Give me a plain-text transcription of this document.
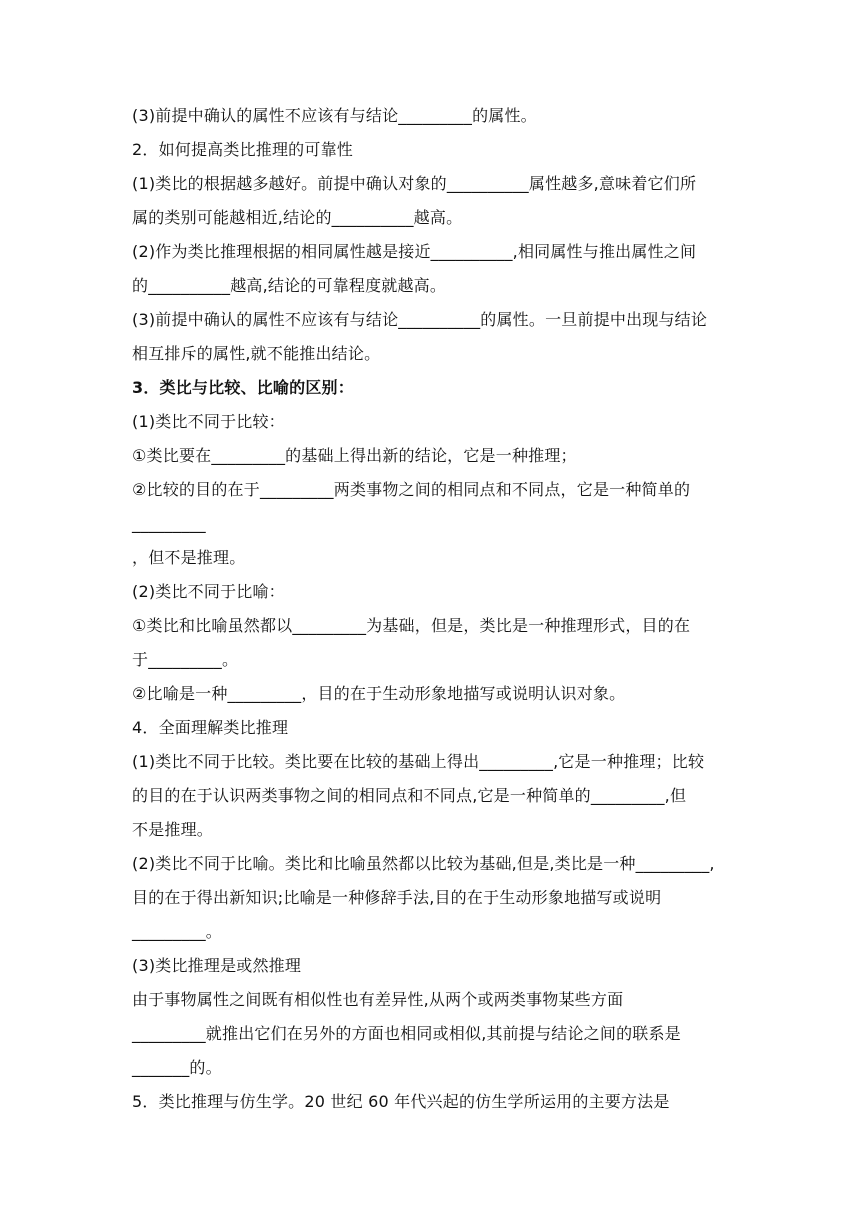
(3)前提中确认的属性不应该有与结论_________的属性。
2．如何提高类比推理的可靠性
(1)类比的根据越多越好。前提中确认对象的__________属性越多,意味着它们所
属的类别可能越相近,结论的__________越高。
(2)作为类比推理根据的相同属性越是接近__________,相同属性与推出属性之间
的__________越高,结论的可靠程度就越高。
(3)前提中确认的属性不应该有与结论__________的属性。一旦前提中出现与结论
相互排斥的属性,就不能推出结论。
3．类比与比较、比喻的区别：
(1)类比不同于比较：
①类比要在_________的基础上得出新的结论，它是一种推理；
②比较的目的在于_________两类事物之间的相同点和不同点，它是一种简单的
_________
，但不是推理。
(2)类比不同于比喻：
①类比和比喻虽然都以_________为基础，但是，类比是一种推理形式，目的在
于_________。
②比喻是一种_________，目的在于生动形象地描写或说明认识对象。
4．全面理解类比推理
(1)类比不同于比较。类比要在比较的基础上得出_________,它是一种推理；比较
的目的在于认识两类事物之间的相同点和不同点,它是一种简单的_________,但
不是推理。
(2)类比不同于比喻。类比和比喻虽然都以比较为基础,但是,类比是一种_________,
目的在于得出新知识;比喻是一种修辞手法,目的在于生动形象地描写或说明
_________。
(3)类比推理是或然推理
由于事物属性之间既有相似性也有差异性,从两个或两类事物某些方面
_________就推出它们在另外的方面也相同或相似,其前提与结论之间的联系是
_______的。
5．类比推理与仿生学。20 世纪 60 年代兴起的仿生学所运用的主要方法是
